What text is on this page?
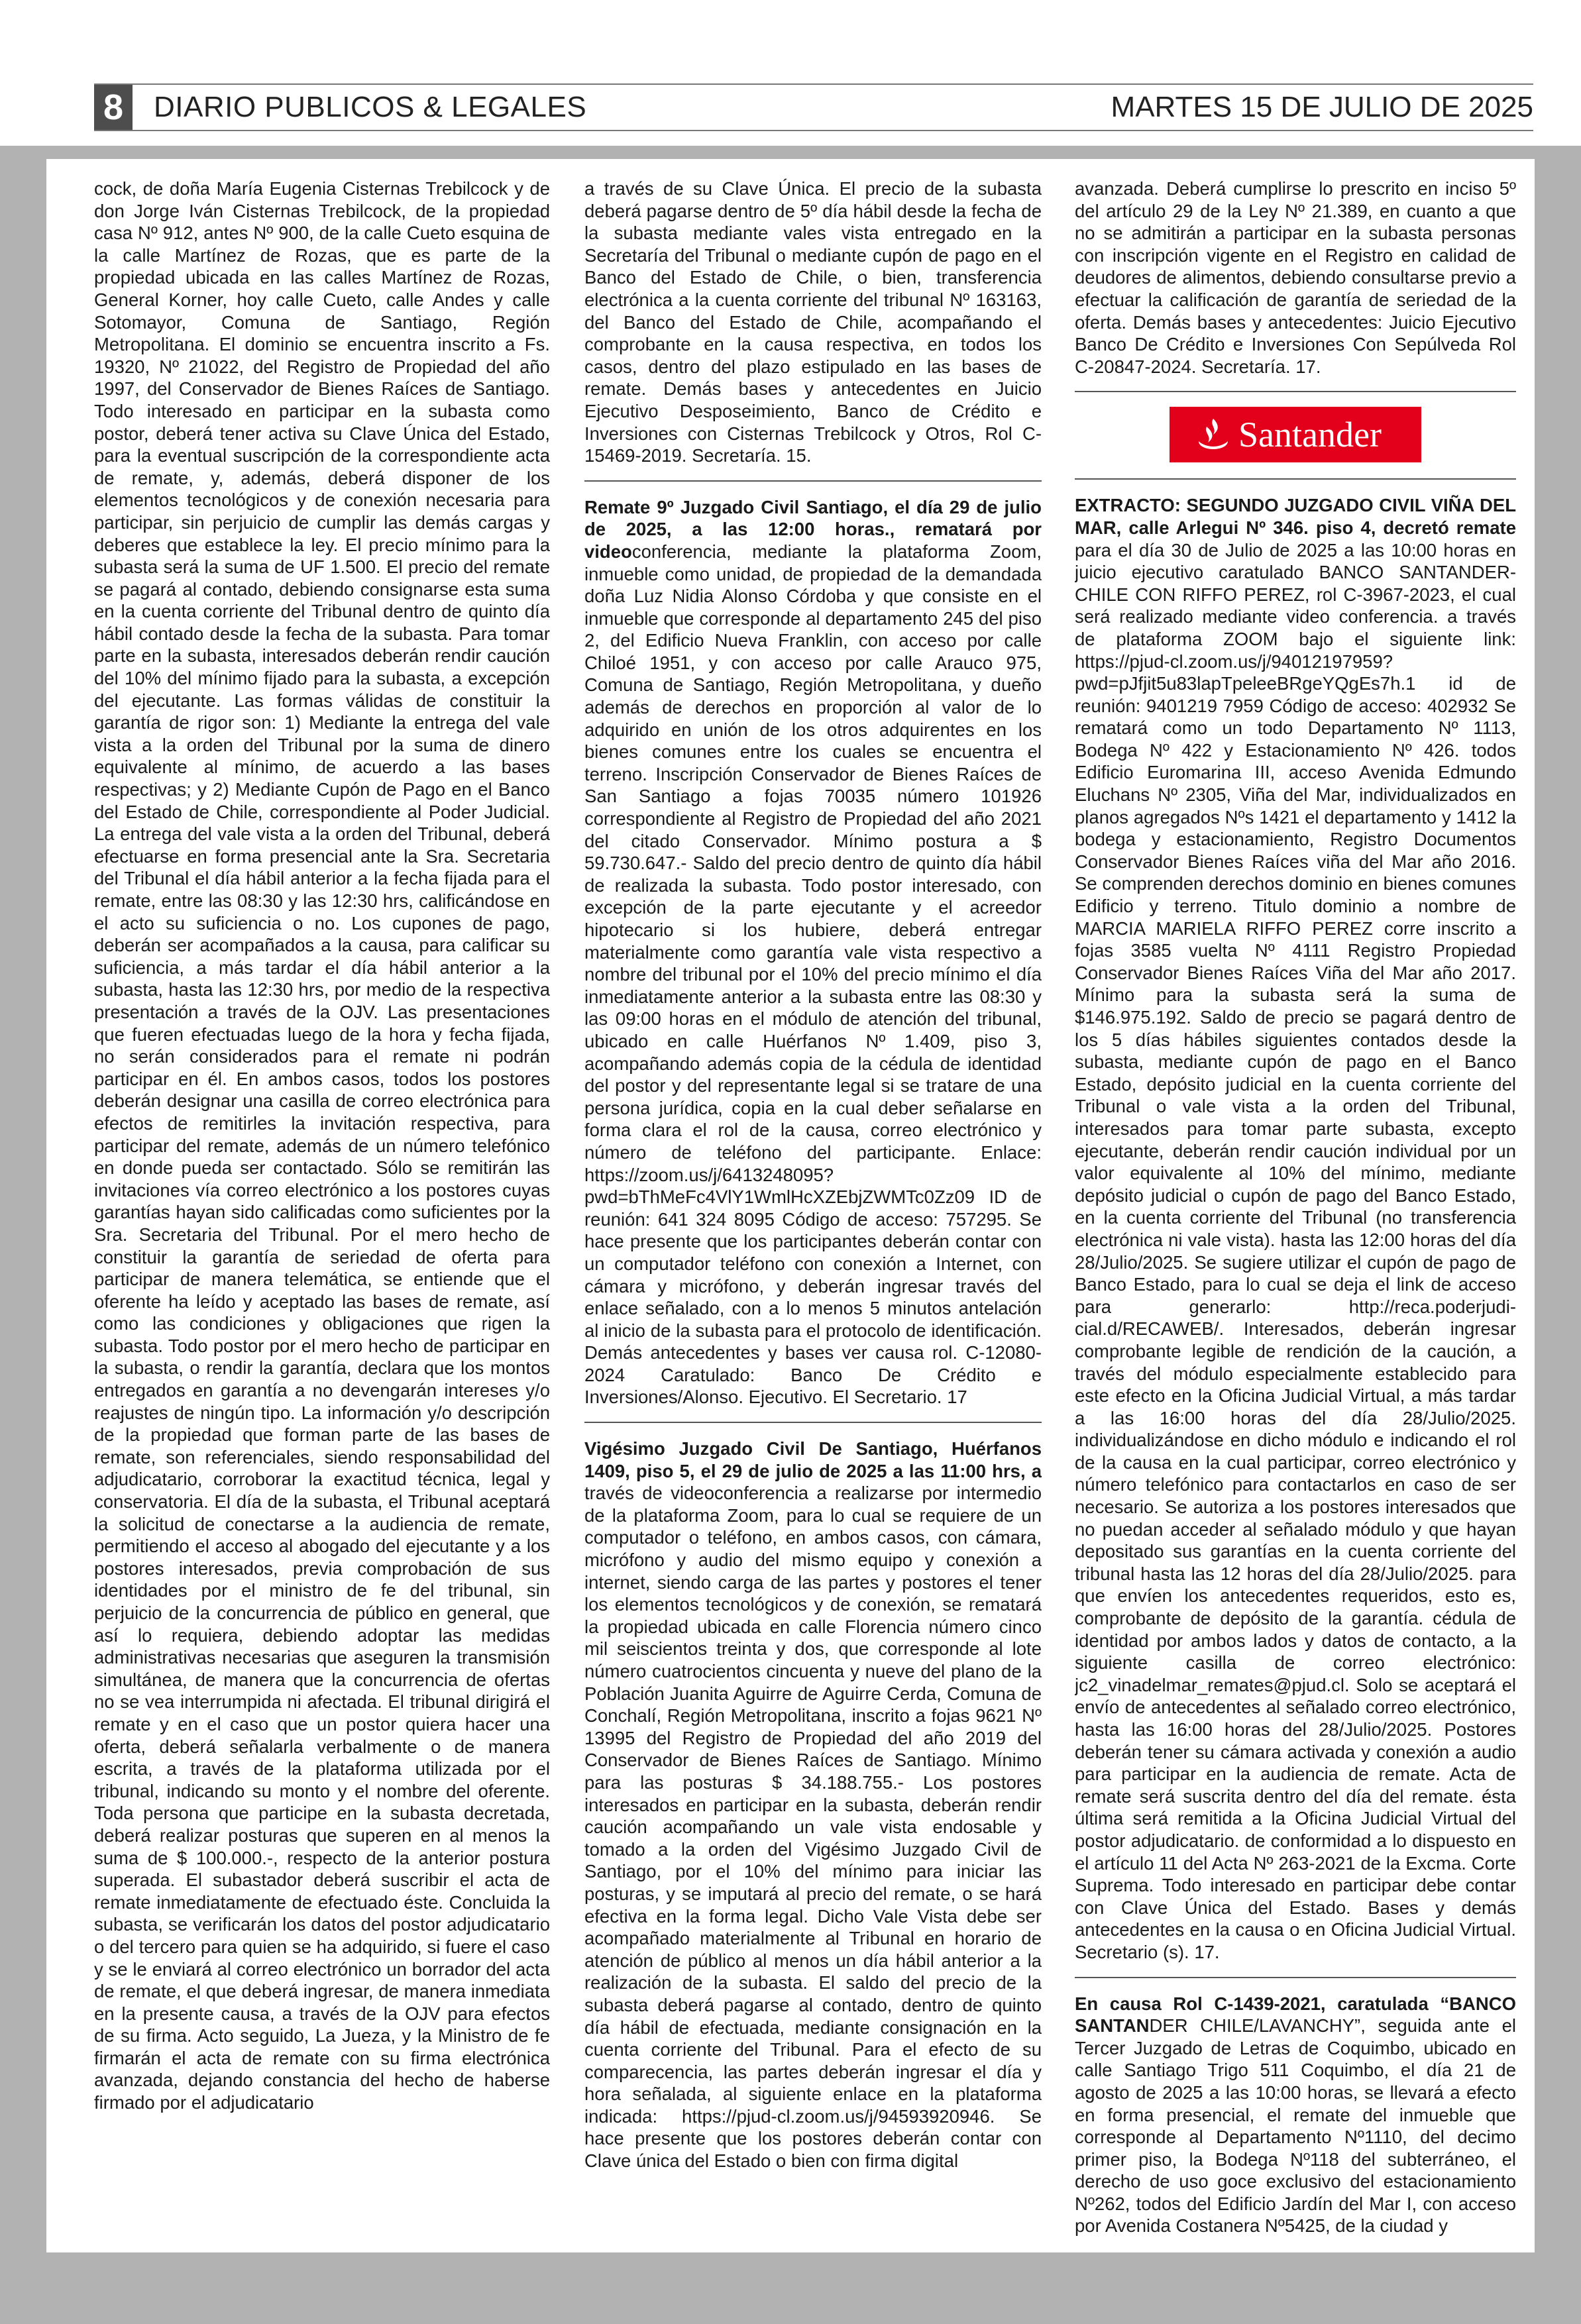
8	DIARIO PUBLICOS & LEGALES	MARTES 15 DE JULIO DE 2025

cock, de doña María Eugenia Cisternas Trebilcock y de don Jorge Iván Cisternas Trebilcock, de la propiedad casa Nº 912, antes Nº 900, de la calle Cueto esquina de la calle Martínez de Rozas, que es parte de la propiedad ubicada en las calles Martínez de Rozas, General Korner, hoy calle Cueto, calle Andes y calle Sotomayor, Comuna de Santiago, Región Metropolitana. El dominio se encuentra inscrito a Fs. 19320, Nº 21022, del Registro de Propiedad del año 1997, del Conservador de Bienes Raíces de Santiago. Todo interesado en participar en la subasta como postor, deberá tener activa su Clave Única del Estado, para la eventual suscripción de la correspondiente acta de remate, y, además, deberá disponer de los elementos tecnológicos y de conexión necesaria para participar, sin perjuicio de cumplir las demás cargas y deberes que establece la ley. El precio mínimo para la subasta será la suma de UF 1.500. El precio del remate se pagará al contado, debiendo consignarse esta suma en la cuenta corriente del Tribunal dentro de quinto día hábil contado desde la fecha de la subasta. Para tomar parte en la subasta, interesados deberán rendir caución del 10% del mínimo fijado para la subasta, a excepción del ejecutante. Las formas válidas de constituir la garantía de rigor son: 1) Mediante la entrega del vale vista a la orden del Tribunal por la suma de dinero equivalente al mínimo, de acuerdo a las bases respectivas; y 2) Mediante Cupón de Pago en el Banco del Estado de Chile, correspondiente al Poder Judicial. La entrega del vale vista a la orden del Tribunal, deberá efectuarse en forma presencial ante la Sra. Secretaria del Tribunal el día hábil anterior a la fecha fijada para el remate, entre las 08:30 y las 12:30 hrs, calificándose en el acto su suficiencia o no. Los cupones de pago, deberán ser acompañados a la causa, para calificar su suficiencia, a más tardar el día hábil anterior a la subasta, hasta las 12:30 hrs, por medio de la respectiva presentación a través de la OJV. Las presentaciones que fueren efectuadas luego de la hora y fecha fijada, no serán considerados para el remate ni podrán participar en él. En ambos casos, todos los postores deberán designar una casilla de correo electrónica para efectos de remitirles la invitación respectiva, para participar del remate, además de un número telefónico en donde pueda ser contactado. Sólo se remitirán las invitaciones vía correo electrónico a los postores cuyas garantías hayan sido calificadas como suficientes por la Sra. Secretaria del Tribunal. Por el mero hecho de constituir la garantía de seriedad de oferta para participar de manera telemática, se entiende que el oferente ha leído y aceptado las bases de remate, así como las condiciones y obligaciones que rigen la subasta. Todo postor por el mero hecho de participar en la subasta, o rendir la garantía, declara que los montos entregados en garantía a no devengarán intereses y/o reajustes de ningún tipo. La información y/o descripción de la propiedad que forman parte de las bases de remate, son referenciales, siendo responsabilidad del adjudicatario, corroborar la exactitud técnica, legal y conservatoria. El día de la subasta, el Tribunal aceptará la solicitud de conectarse a la audiencia de remate, permitiendo el acceso al abogado del ejecutante y a los postores interesados, previa comprobación de sus identidades por el ministro de fe del tribunal, sin perjuicio de la concurrencia de público en general, que así lo requiera, debiendo adoptar las medidas administrativas necesarias que aseguren la transmisión simultánea, de manera que la concurrencia de ofertas no se vea interrumpida ni afectada. El tribunal dirigirá el remate y en el caso que un postor quiera hacer una oferta, deberá señalarla verbalmente o de manera escrita, a través de la plataforma utilizada por el tribunal, indicando su monto y el nombre del oferente. Toda persona que participe en la subasta decretada, deberá realizar posturas que superen en al menos la suma de $ 100.000.-, respecto de la anterior postura superada. El subastador deberá suscribir el acta de remate inmediatamente de efectuado éste. Concluida la subasta, se verificarán los datos del postor adjudicatario o del tercero para quien se ha adquirido, si fuere el caso y se le enviará al correo electrónico un borrador del acta de remate, el que deberá ingresar, de manera inmediata en la presente causa, a través de la OJV para efectos de su firma. Acto seguido, La Jueza, y la Ministro de fe firmarán el acta de remate con su firma electrónica avanzada, dejando constancia del hecho de haberse firmado por el adjudicatario

a través de su Clave Única. El precio de la subasta deberá pagarse dentro de 5º día hábil desde la fecha de la subasta mediante vales vista entregado en la Secretaría del Tribunal o mediante cupón de pago en el Banco del Estado de Chile, o bien, transferencia electrónica a la cuenta corriente del tribunal Nº 163163, del Banco del Estado de Chile, acompañando el comprobante en la causa respectiva, en todos los casos, dentro del plazo estipulado en las bases de remate. Demás bases y antecedentes en Juicio Ejecutivo Desposeimiento, Banco de Crédito e Inversiones con Cisternas Trebilcock y Otros, Rol C-15469-2019. Secretaría. 15.

Remate 9º Juzgado Civil Santiago, el día 29 de julio de 2025, a las 12:00 horas., rematará por videoconferencia, mediante la plataforma Zoom, inmueble como unidad, de propiedad de la demandada doña Luz Nidia Alonso Córdoba y que consiste en el inmueble que corresponde al departamento 245 del piso 2, del Edificio Nueva Franklin, con acceso por calle Chiloé 1951, y con acceso por calle Arauco 975, Comuna de Santiago, Región Metropolitana, y dueño además de derechos en proporción al valor de lo adquirido en unión de los otros adquirentes en los bienes comunes entre los cuales se encuentra el terreno. Inscripción Conservador de Bienes Raíces de San Santiago a fojas 70035 número 101926 correspondiente al Registro de Propiedad del año 2021 del citado Conservador. Mínimo postura a $ 59.730.647.- Saldo del precio dentro de quinto día hábil de realizada la subasta. Todo postor interesado, con excepción de la parte ejecutante y el acreedor hipotecario si los hubiere, deberá entregar materialmente como garantía vale vista respectivo a nombre del tribunal por el 10% del precio mínimo el día inmediatamente anterior a la subasta entre las 08:30 y las 09:00 horas en el módulo de atención del tribunal, ubicado en calle Huérfanos Nº 1.409, piso 3, acompañando además copia de la cédula de identidad del postor y del representante legal si se tratare de una persona jurídica, copia en la cual deber señalarse en forma clara el rol de la causa, correo electrónico y número de teléfono del participante. Enlace: https://zoom.us/j/6413248095?pwd=bThMeFc4VlY1WmlHcXZEbjZWMTc0Zz09 ID de reunión: 641 324 8095 Código de acceso: 757295. Se hace presente que los participantes deberán contar con un computador teléfono con conexión a Internet, con cámara y micrófono, y deberán ingresar través del enlace señalado, con a lo menos 5 minutos antelación al inicio de la subasta para el protocolo de identificación. Demás antecedentes y bases ver causa rol. C-12080-2024 Caratulado: Banco De Crédito e Inversiones/Alonso. Ejecutivo. El Secretario. 17

Vigésimo Juzgado Civil De Santiago, Huérfanos 1409, piso 5, el 29 de julio de 2025 a las 11:00 hrs, a través de videoconferencia a realizarse por intermedio de la plataforma Zoom, para lo cual se requiere de un computador o teléfono, en ambos casos, con cámara, micrófono y audio del mismo equipo y conexión a internet, siendo carga de las partes y postores el tener los elementos tecnológicos y de conexión, se rematará la propiedad ubicada en calle Florencia número cinco mil seiscientos treinta y dos, que corresponde al lote número cuatrocientos cincuenta y nueve del plano de la Población Juanita Aguirre de Aguirre Cerda, Comuna de Conchalí, Región Metropolitana, inscrito a fojas 9621 Nº 13995 del Registro de Propiedad del año 2019 del Conservador de Bienes Raíces de Santiago. Mínimo para las posturas $ 34.188.755.- Los postores interesados en participar en la subasta, deberán rendir caución acompañando un vale vista endosable y tomado a la orden del Vigésimo Juzgado Civil de Santiago, por el 10% del mínimo para iniciar las posturas, y se imputará al precio del remate, o se hará efectiva en la forma legal. Dicho Vale Vista debe ser acompañado materialmente al Tribunal en horario de atención de público al menos un día hábil anterior a la realización de la subasta. El saldo del precio de la subasta deberá pagarse al contado, dentro de quinto día hábil de efectuada, mediante consignación en la cuenta corriente del Tribunal. Para el efecto de su comparecencia, las partes deberán ingresar el día y hora señalada, al siguiente enlace en la plataforma indicada: https://pjud-cl.zoom.us/j/94593920946. Se hace presente que los postores deberán contar con Clave única del Estado o bien con firma digital

avanzada. Deberá cumplirse lo prescrito en inciso 5º del artículo 29 de la Ley Nº 21.389, en cuanto a que no se admitirán a participar en la subasta personas con inscripción vigente en el Registro en calidad de deudores de alimentos, debiendo consultarse previo a efectuar la calificación de garantía de seriedad de la oferta. Demás bases y antecedentes: Juicio Ejecutivo Banco De Crédito e Inversiones Con Sepúlveda Rol C-20847-2024. Secretaría. 17.

Santander

EXTRACTO: SEGUNDO JUZGADO CIVIL VIÑA DEL MAR, calle Arlegui Nº 346. piso 4, decretó remate para el día 30 de Julio de 2025 a las 10:00 horas en juicio ejecutivo caratulado BANCO SANTANDER-CHILE CON RIFFO PEREZ, rol C-3967-2023, el cual será realizado mediante video conferencia. a través de plataforma ZOOM bajo el siguiente link: https://pjud-cl.zoom.us/j/94012197959?pwd=pJfjit5u83lapTpeleeBRgeYQgEs7h.1 id de reunión: 9401219 7959 Código de acceso: 402932 Se rematará como un todo Departamento Nº 1113, Bodega Nº 422 y Estacionamiento Nº 426. todos Edificio Euromarina III, acceso Avenida Edmundo Eluchans Nº 2305, Viña del Mar, individualizados en planos agregados Nºs 1421 el departamento y 1412 la bodega y estacionamiento, Registro Documentos Conservador Bienes Raíces viña del Mar año 2016. Se comprenden derechos dominio en bienes comunes Edificio y terreno. Titulo dominio a nombre de MARCIA MARIELA RIFFO PEREZ corre inscrito a fojas 3585 vuelta Nº 4111 Registro Propiedad Conservador Bienes Raíces Viña del Mar año 2017. Mínimo para la subasta será la suma de $146.975.192. Saldo de precio se pagará dentro de los 5 días hábiles siguientes contados desde la subasta, mediante cupón de pago en el Banco Estado, depósito judicial en la cuenta corriente del Tribunal o vale vista a la orden del Tribunal, interesados para tomar parte subasta, excepto ejecutante, deberán rendir caución individual por un valor equivalente al 10% del mínimo, mediante depósito judicial o cupón de pago del Banco Estado, en la cuenta corriente del Tribunal (no transferencia electrónica ni vale vista). hasta las 12:00 horas del día 28/Julio/2025. Se sugiere utilizar el cupón de pago de Banco Estado, para lo cual se deja el link de acceso para generarlo: http://reca.poderjudi-cial.d/RECAWEB/. Interesados, deberán ingresar comprobante legible de rendición de la caución, a través del módulo especialmente establecido para este efecto en la Oficina Judicial Virtual, a más tardar a las 16:00 horas del día 28/Julio/2025. individualizándose en dicho módulo e indicando el rol de la causa en la cual participar, correo electrónico y número telefónico para contactarlos en caso de ser necesario. Se autoriza a los postores interesados que no puedan acceder al señalado módulo y que hayan depositado sus garantías en la cuenta corriente del tribunal hasta las 12 horas del día 28/Julio/2025. para que envíen los antecedentes requeridos, esto es, comprobante de depósito de la garantía. cédula de identidad por ambos lados y datos de contacto, a la siguiente casilla de correo electrónico: jc2_vinadelmar_remates@pjud.cl. Solo se aceptará el envío de antecedentes al señalado correo electrónico, hasta las 16:00 horas del 28/Julio/2025. Postores deberán tener su cámara activada y conexión a audio para participar en la audiencia de remate. Acta de remate será suscrita dentro del día del remate. ésta última será remitida a la Oficina Judicial Virtual del postor adjudicatario. de conformidad a lo dispuesto en el artículo 11 del Acta Nº 263-2021 de la Excma. Corte Suprema. Todo interesado en participar debe contar con Clave Única del Estado. Bases y demás antecedentes en la causa o en Oficina Judicial Virtual. Secretario (s). 17.

En causa Rol C-1439-2021, caratulada “BANCO SANTANDER CHILE/LAVANCHY”, seguida ante el Tercer Juzgado de Letras de Coquimbo, ubicado en calle Santiago Trigo 511 Coquimbo, el día 21 de agosto de 2025 a las 10:00 horas, se llevará a efecto en forma presencial, el remate del inmueble que corresponde al Departamento Nº1110, del decimo primer piso, la Bodega Nº118 del subterráneo, el derecho de uso goce exclusivo del estacionamiento Nº262, todos del Edificio Jardín del Mar I, con acceso por Avenida Costanera Nº5425, de la ciudad y
